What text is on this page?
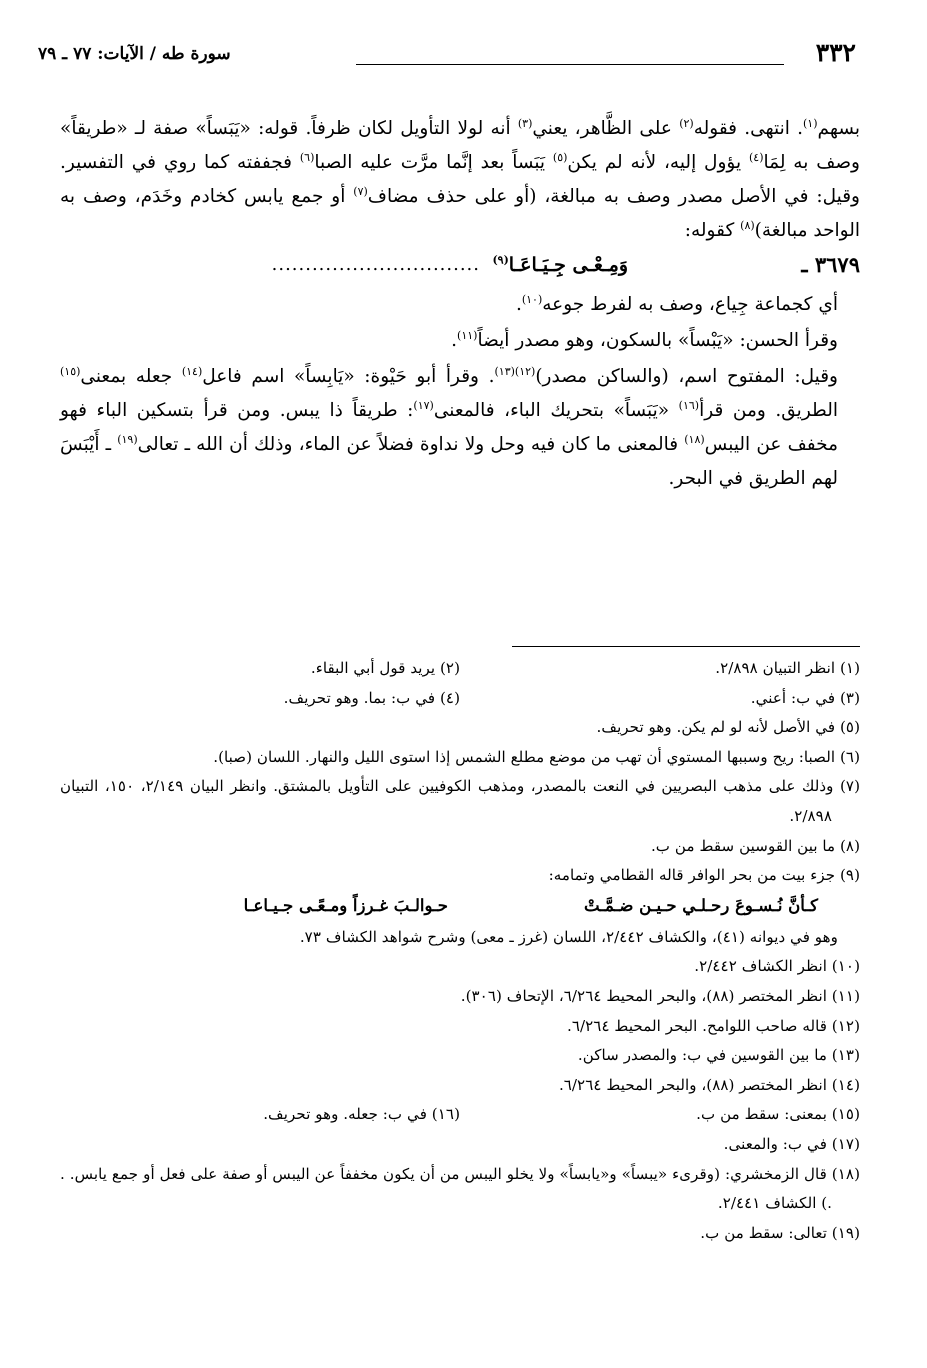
٣٣٢
سورة طه / الآيات: ٧٧ ـ ٧٩

بسهم$^{(١)}$. انتهى. فقوله$^{(٢)}$ على الظَّاهر، يعني$^{(٣)}$ أنه لولا التأويل لكان ظرفاً. قوله: «يَبَساً» صفة لـ «طريقاً» وصف به لِمَا$^{(٤)}$ يؤول إليه، لأنه لم يكن$^{(٥)}$ يَبَساً بعد إنَّما مرَّت عليه الصبا$^{(٦)}$ فجففته كما روي في التفسير. وقيل: في الأصل مصدر وصف به مبالغة، (أو على حذف مضاف$^{(٧)}$ أو جمع يابس كخادم وخَدَم، وصف به الواحد مبالغة)$^{(٨)}$ كقوله:

٣٦٧٩ ـ
وَمِـعْـى جِـيَـاعَـا$^{(٩)}$
...............................

أي كجماعة جِياع، وصف به لفرط جوعه$^{(١٠)}$.

وقرأ الحسن: «يَبْساً» بالسكون، وهو مصدر أيضاً$^{(١١)}$.

وقيل: المفتوح اسم، (والساكن مصدر)$^{(١٢)(١٣)}$. وقرأ أبو حَيْوة: «يَابِساً» اسم فاعل$^{(١٤)}$ جعله بمعنى$^{(١٥)}$ الطريق. ومن قرأ$^{(١٦)}$ «يَبَساً» بتحريك الباء، فالمعنى$^{(١٧)}$: طريقاً ذا يبس. ومن قرأ بتسكين الباء فهو مخفف عن اليبس$^{(١٨)}$ فالمعنى ما كان فيه وحل ولا نداوة فضلاً عن الماء، وذلك أن الله ـ تعالى$^{(١٩)}$ ـ أَيْبَسَ لهم الطريق في البحر.

(١) انظر التبيان ٢/٨٩٨.
(٢) يريد قول أبي البقاء.
(٣) في ب: أعني.
(٤) في ب: بما. وهو تحريف.

(٥) في الأصل لأنه لو لم يكن. وهو تحريف.

(٦) الصبا: ريح وسببها المستوي أن تهب من موضع مطلع الشمس إذا استوى الليل والنهار. اللسان (صبا).

(٧) وذلك على مذهب البصريين في النعت بالمصدر، ومذهب الكوفيين على التأويل بالمشتق. وانظر البيان ٢/١٤٩، ١٥٠، التبيان ٢/٨٩٨.

(٨) ما بين القوسين سقط من ب.

(٩) جزء بيت من بحر الوافر قاله القطامي وتمامه:

كـأنَّ نُـسـوعَ رحـلـي حـيـن ضـمَّـتْ
حـوالـبَ غـرزاً ومـعًـى جـيـاعـا

وهو في ديوانه (٤١)، والكشاف ٢/٤٤٢، اللسان (غرز ـ معى) وشرح شواهد الكشاف ٧٣.

(١٠) انظر الكشاف ٢/٤٤٢.

(١١) انظر المختصر (٨٨)، والبحر المحيط ٦/٢٦٤، الإتحاف (٣٠٦).

(١٢) قاله صاحب اللوامح. البحر المحيط ٦/٢٦٤.

(١٣) ما بين القوسين في ب: والمصدر ساكن.

(١٤) انظر المختصر (٨٨)، والبحر المحيط ٦/٢٦٤.

(١٥) بمعنى: سقط من ب.
(١٦) في ب: جعله. وهو تحريف.

(١٧) في ب: والمعنى.

(١٨) قال الزمخشري: (وقرىء «يبساً» و«يابساً» ولا يخلو اليبس من أن يكون مخففاً عن اليبس أو صفة على فعل أو جمع يابس. . .) الكشاف ٢/٤٤١.

(١٩) تعالى: سقط من ب.
